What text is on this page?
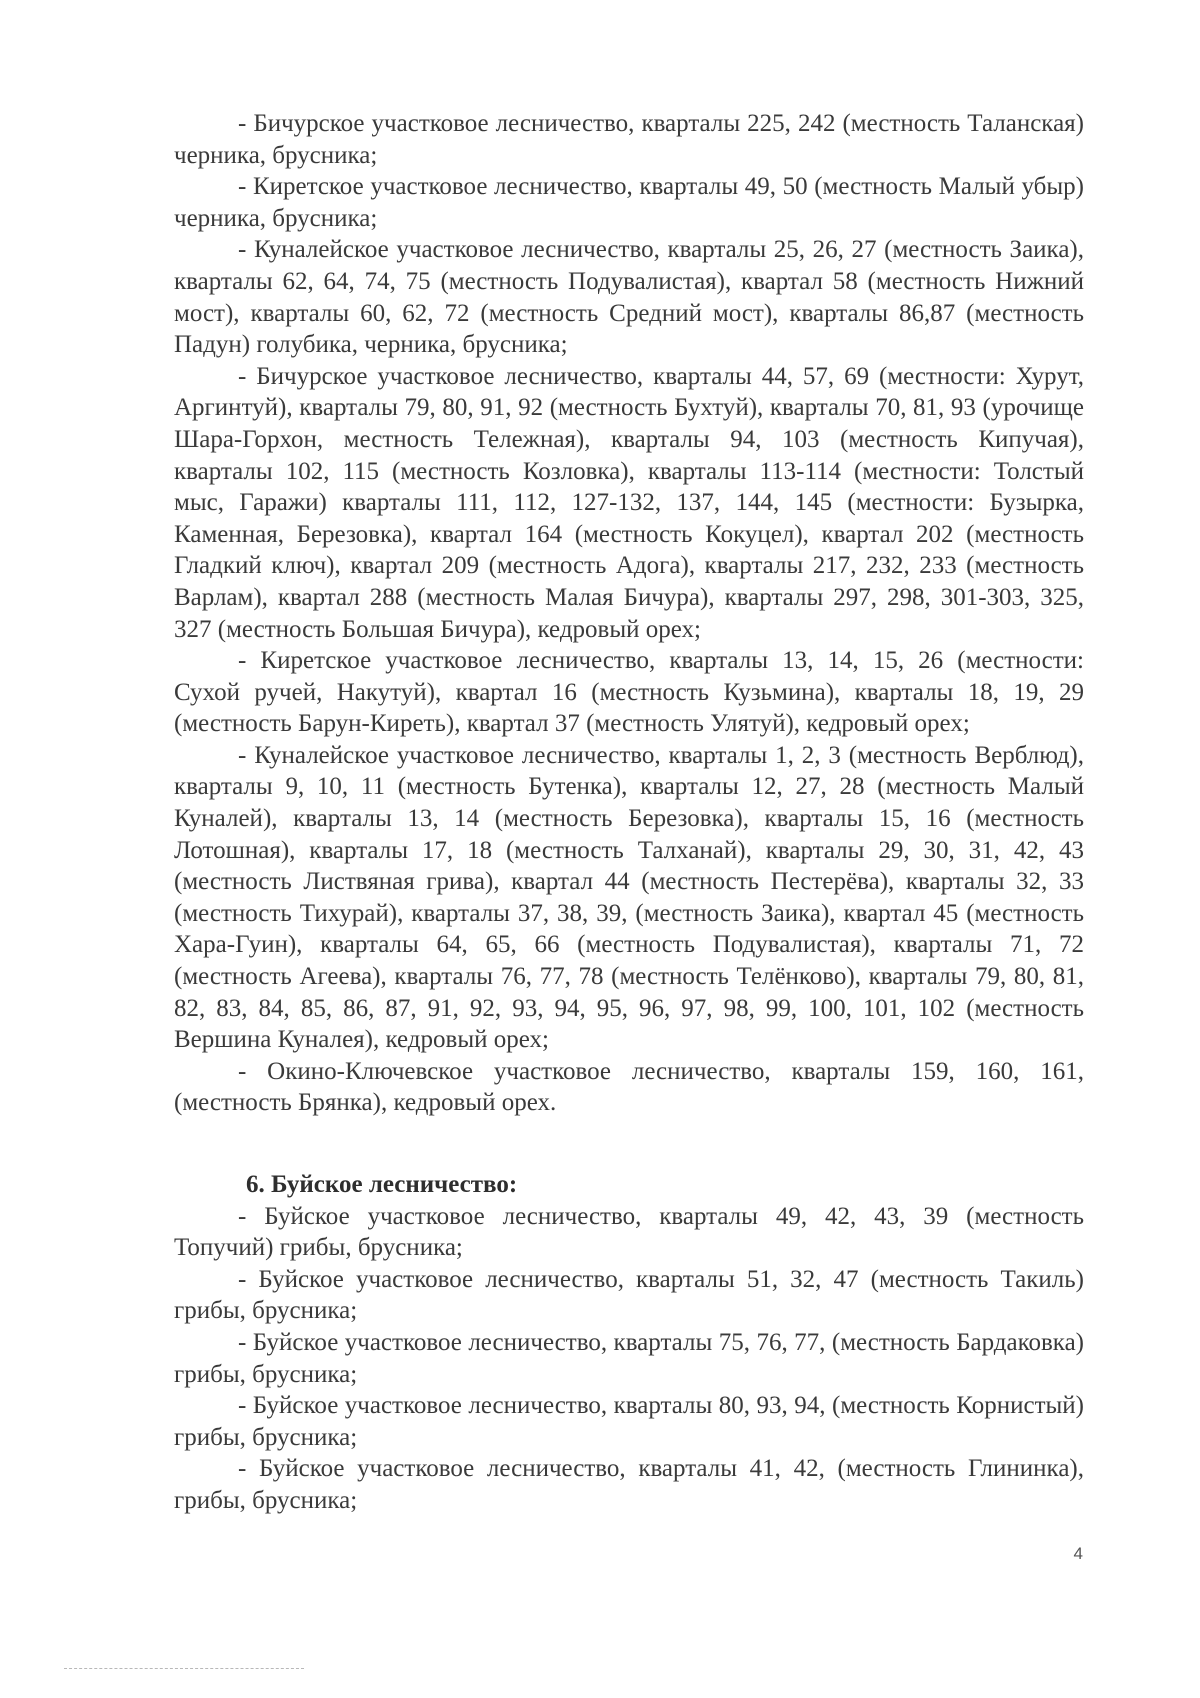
- Бичурское участковое лесничество, кварталы 225, 242 (местность Таланская) черника, брусника;

- Киретское участковое лесничество, кварталы 49, 50 (местность Малый убыр) черника, брусника;

- Куналейское участковое лесничество, кварталы 25, 26, 27 (местность Заика), кварталы 62, 64, 74, 75 (местность Подувалистая), квартал 58 (местность Нижний мост), кварталы 60, 62, 72 (местность Средний мост), кварталы 86,87 (местность Падун) голубика, черника, брусника;

- Бичурское участковое лесничество, кварталы 44, 57, 69 (местности: Хурут, Аргинтуй), кварталы 79, 80, 91, 92 (местность Бухтуй), кварталы 70, 81, 93 (урочище Шара-Горхон, местность Тележная), кварталы 94, 103 (местность Кипучая), кварталы 102, 115 (местность Козловка), кварталы 113-114 (местности: Толстый мыс, Гаражи) кварталы 111, 112, 127-132, 137, 144, 145 (местности: Бузырка, Каменная, Березовка), квартал 164 (местность Кокуцел), квартал 202 (местность Гладкий ключ), квартал 209 (местность Адога), кварталы 217, 232, 233 (местность Варлам), квартал 288 (местность Малая Бичура), кварталы 297, 298, 301-303, 325, 327 (местность Большая Бичура), кедровый орех;

- Киретское участковое лесничество, кварталы 13, 14, 15, 26 (местности: Сухой ручей, Накутуй), квартал 16 (местность Кузьмина), кварталы 18, 19, 29 (местность Барун-Киреть), квартал 37 (местность Улятуй), кедровый орех;

- Куналейское участковое лесничество, кварталы 1, 2, 3 (местность Верблюд), кварталы 9, 10, 11 (местность Бутенка), кварталы 12, 27, 28 (местность Малый Куналей), кварталы 13, 14 (местность Березовка), кварталы 15, 16 (местность Лотошная), кварталы 17, 18 (местность Талханай), кварталы 29, 30, 31, 42, 43 (местность Листвяная грива), квартал 44 (местность Пестерёва), кварталы 32, 33 (местность Тихурай), кварталы 37, 38, 39, (местность Заика), квартал 45 (местность Хара-Гуин), кварталы 64, 65, 66 (местность Подувалистая), кварталы 71, 72 (местность Агеева), кварталы 76, 77, 78 (местность Телёнково), кварталы 79, 80, 81, 82, 83, 84, 85, 86, 87, 91, 92, 93, 94, 95, 96, 97, 98, 99, 100, 101, 102 (местность Вершина Куналея), кедровый орех;

- Окино-Ключевское участковое лесничество, кварталы 159, 160, 161, (местность Брянка), кедровый орех.

6. Буйское лесничество:

- Буйское участковое лесничество, кварталы 49, 42, 43, 39 (местность Топучий) грибы, брусника;

- Буйское участковое лесничество, кварталы 51, 32, 47 (местность Такиль) грибы, брусника;

- Буйское участковое лесничество, кварталы 75, 76, 77, (местность Бардаковка) грибы, брусника;

- Буйское участковое лесничество, кварталы 80, 93, 94, (местность Корнистый) грибы, брусника;

- Буйское участковое лесничество, кварталы 41, 42, (местность Глининка), грибы, брусника;

4
